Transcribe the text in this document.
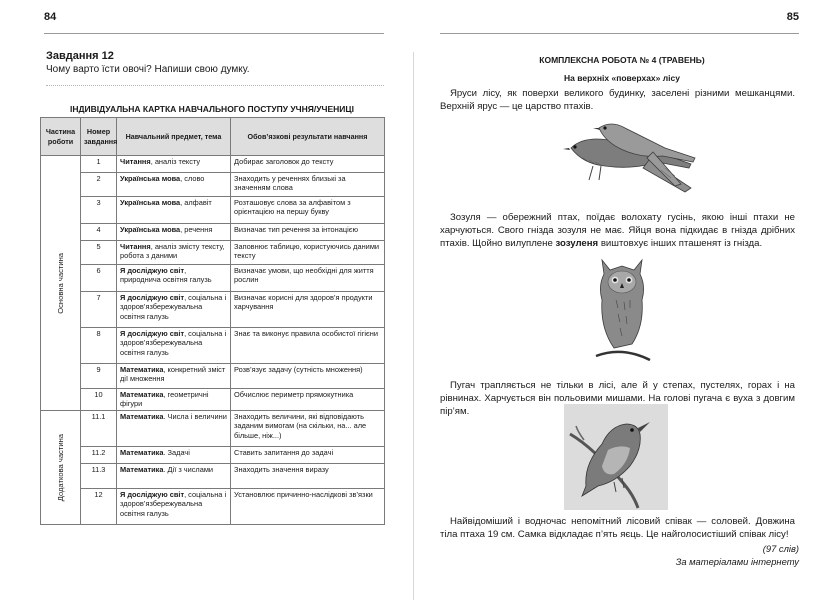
84
Завдання 12
Чому варто їсти овочі? Напиши свою думку.
ІНДИВІДУАЛЬНА КАРТКА НАВЧАЛЬНОГО ПОСТУПУ УЧНЯ/УЧЕНИЦІ
Частина роботи	Номер завдання	Навчальний предмет, тема	Обов’язкові результати навчання

Основна частина	1	Читання, аналіз тексту	Добирає заголовок до тексту
	2	Українська мова, слово	Знаходить у реченнях близькі за значенням слова
	3	Українська мова, алфавіт	Розташовує слова за алфавітом з орієнтацією на першу букву
	4	Українська мова, речення	Визначає тип речення за інтонацією
	5	Читання, аналіз змісту тексту, робота з даними	Заповнює таблицю, користуючись даними тексту
	6	Я досліджую світ, природнича освітня галузь	Визначає умови, що необхідні для життя рослин
	7	Я досліджую світ, соціальна і здоров’язбережувальна освітня галузь	Визначає корисні для здоров’я продукти харчування
	8	Я досліджую світ, соціальна і здоров’язбережувальна освітня галузь	Знає та виконує правила особистої гігієни
	9	Математика, конкретний зміст дії множення	Розв’язує задачу (сутність множення)
	10	Математика, геометричні фігури	Обчислює периметр прямокутника

Додаткова частина	11.1	Математика. Числа і величини	Знаходить величини, які відповідають заданим вимогам (на скільки, на... але більше, ніж...)
	11.2	Математика. Задачі	Ставить запитання до задачі
	11.3	Математика. Дії з числами	Знаходить значення виразу
	12	Я досліджую світ, соціальна і здоров’язбережувальна освітня галузь	Установлює причинно-наслідкові зв’язки
85
КОМПЛЕКСНА РОБОТА № 4 (ТРАВЕНЬ)
На верхніх «поверхах» лісу
Яруси лісу, як поверхи великого будинку, заселені різними мешканцями. Верхній ярус — це царство птахів.
Зозуля — обережний птах, поїдає волохату гусінь, якою інші птахи не харчуються. Свого гнізда зозуля не має. Яйця вона підкидає в гнізда дрібних птахів. Щойно вилуплене зозуленя виштовхує інших пташенят із гнізда.
Пугач трапляється не тільки в лісі, але й у степах, пустелях, горах і на рівнинах. Харчується він польовими мишами. На голові пугача є вуха з довгим пір’ям.
Найвідоміший і водночас непомітний лісовий співак — соловей. Довжина тіла птаха 19 см. Самка відкладає п’ять яєць. Це найголосистіший співак лісу!
(97 слів)
За матеріалами інтернету
